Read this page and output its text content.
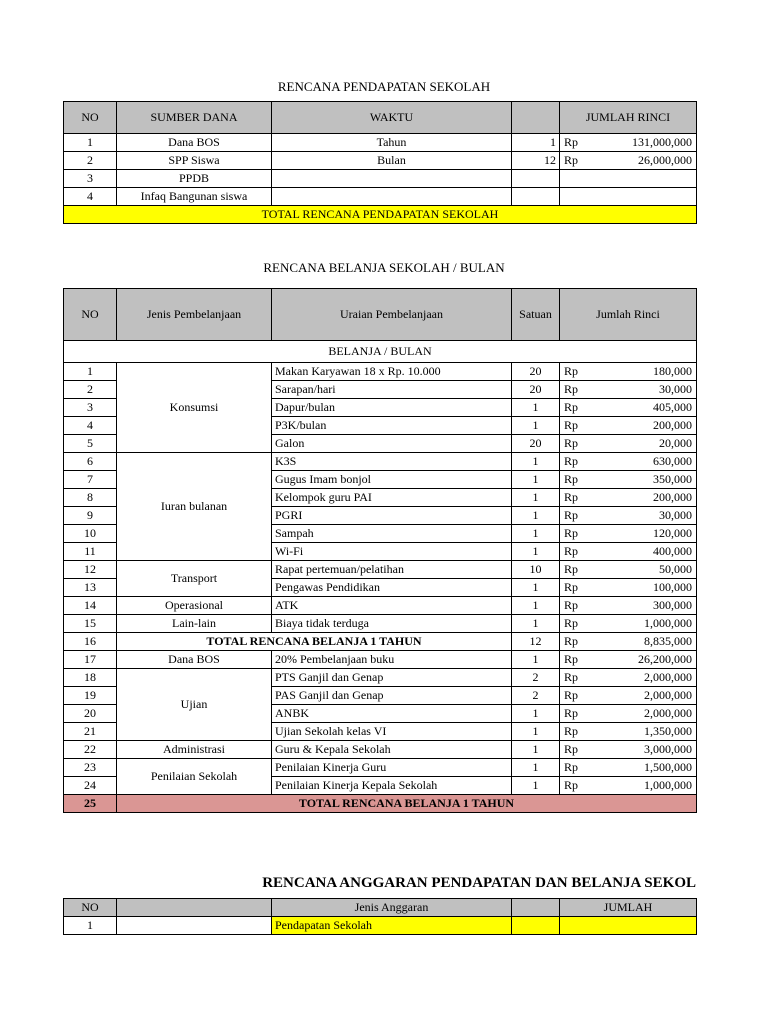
RENCANA PENDAPATAN SEKOLAH
NO	SUMBER DANA	WAKTU		JUMLAH RINCI
1	Dana BOS	Tahun	1	Rp 131,000,000

2	SPP Siswa	Bulan	12	Rp 26,000,000

3	PPDB			

4	Infaq Bangunan siswa			

TOTAL RENCANA PENDAPATAN SEKOLAH				
RENCANA BELANJA SEKOLAH / BULAN
NO	Jenis Pembelanjaan	Uraian Pembelanjaan	Satuan	Jumlah Rinci
BELANJA / BULAN				
1	Konsumsi	Makan Karyawan 18 x Rp. 10.000	20	Rp 180,000

2		Sarapan/hari	20	Rp 30,000

3		Dapur/bulan	1	Rp 405,000

4		P3K/bulan	1	Rp 200,000

5		Galon	20	Rp 20,000

6	Iuran bulanan	K3S	1	Rp 630,000

7		Gugus Imam bonjol	1	Rp 350,000

8		Kelompok guru PAI	1	Rp 200,000

9		PGRI	1	Rp 30,000

10		Sampah	1	Rp 120,000

11		Wi-Fi	1	Rp 400,000

12	Transport	Rapat pertemuan/pelatihan	10	Rp 50,000

13		Pengawas Pendidikan	1	Rp 100,000

14	Operasional	ATK	1	Rp 300,000

15	Lain-lain	Biaya tidak terduga	1	Rp 1,000,000

16	TOTAL RENCANA BELANJA 1 TAHUN		12	Rp 8,835,000

17	Dana BOS	20% Pembelanjaan buku	1	Rp 26,200,000

18	Ujian	PTS Ganjil dan Genap	2	Rp 2,000,000

19		PAS Ganjil dan Genap	2	Rp 2,000,000

20		ANBK	1	Rp 2,000,000

21		Ujian Sekolah kelas VI	1	Rp 1,350,000

22	Administrasi	Guru & Kepala Sekolah	1	Rp 3,000,000

23	Penilaian Sekolah	Penilaian Kinerja Guru	1	Rp 1,500,000

24		Penilaian Kinerja Kepala Sekolah	1	Rp 1,000,000

25	TOTAL RENCANA BELANJA 1 TAHUN			
RENCANA ANGGARAN PENDAPATAN DAN BELANJA SEKOL
NO		Jenis Anggaran		JUMLAH
1		Pendapatan Sekolah		
